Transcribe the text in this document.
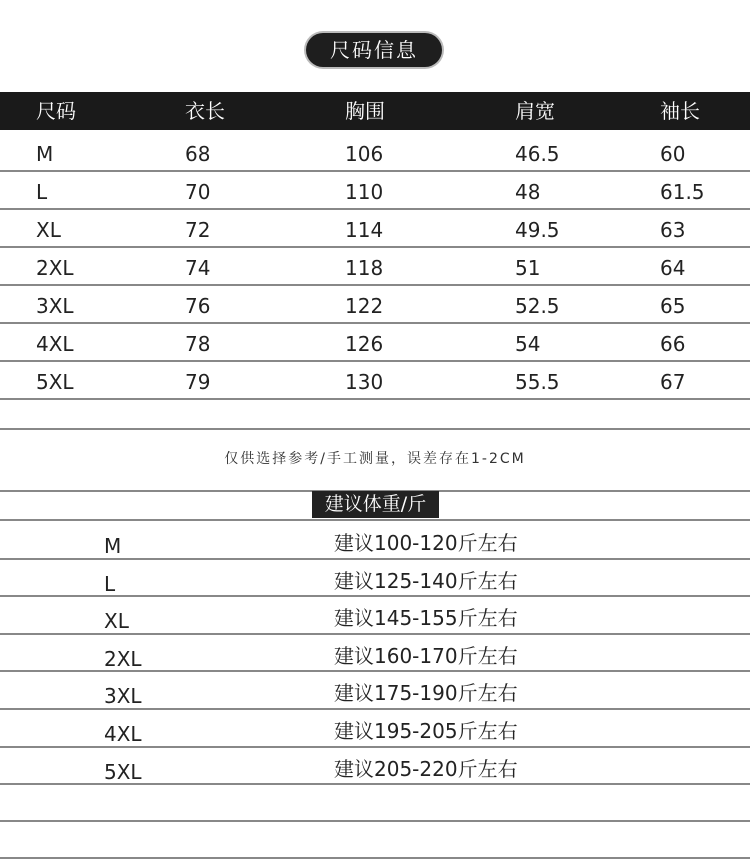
尺码信息
尺码	衣长	胸围	肩宽	袖长
M	68	106	46.5	60
L	70	110	48	61.5
XL	72	114	49.5	63
2XL	74	118	51	64
3XL	76	122	52.5	65
4XL	78	126	54	66
5XL	79	130	55.5	67
仅供选择参考/手工测量，误差存在1-2CM
建议体重/斤
M	建议100-120斤左右
L	建议125-140斤左右
XL	建议145-155斤左右
2XL	建议160-170斤左右
3XL	建议175-190斤左右
4XL	建议195-205斤左右
5XL	建议205-220斤左右
